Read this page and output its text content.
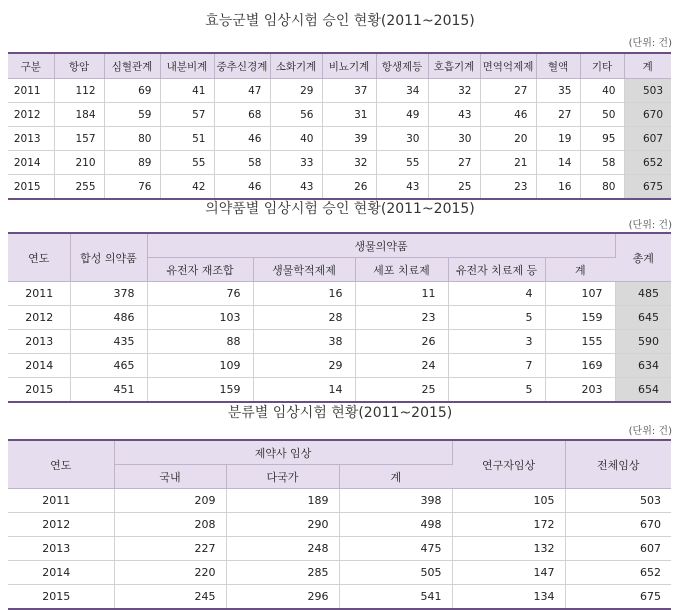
효능군별 임상시험 승인 현황(2011~2015)
(단위: 건)
구분	항암	심혈관계	내분비계	중추신경계	소화기계	비뇨기계	항생제등	호흡기계	면역억제제	혈액	기타	계
2011	112	69	41	47	29	37	34	32	27	35	40	503
2012	184	59	57	68	56	31	49	43	46	27	50	670
2013	157	80	51	46	40	39	30	30	20	19	95	607
2014	210	89	55	58	33	32	55	27	21	14	58	652
2015	255	76	42	46	43	26	43	25	23	16	80	675
의약품별 임상시험 승인 현황(2011~2015)
(단위: 건)
연도	합성 의약품	생물의약품					총계
		유전자 재조합	생물학적제제	세포 치료제	유전자 치료제 등	계	
2011	378	76	16	11	4	107	485
2012	486	103	28	23	5	159	645
2013	435	88	38	26	3	155	590
2014	465	109	29	24	7	169	634
2015	451	159	14	25	5	203	654
분류별 임상시험 현황(2011~2015)
(단위: 건)
연도	제약사 임상			연구자임상	전체임상
	국내	다국가	계		
2011	209	189	398	105	503
2012	208	290	498	172	670
2013	227	248	475	132	607
2014	220	285	505	147	652
2015	245	296	541	134	675
